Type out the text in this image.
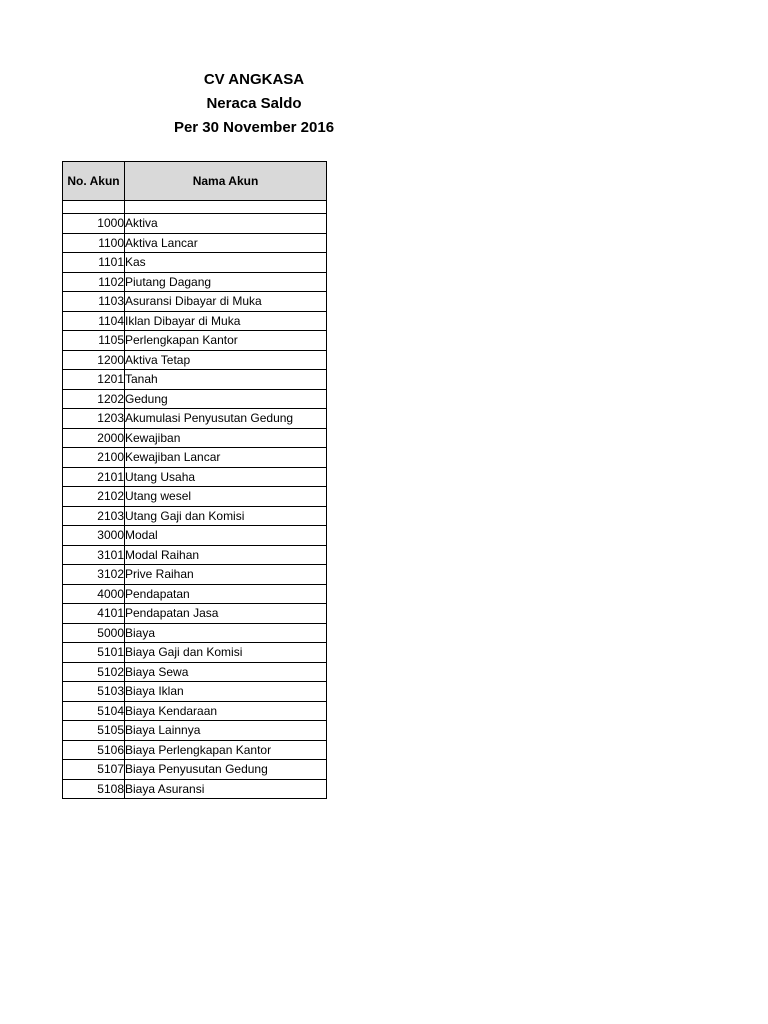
CV ANGKASA
Neraca Saldo
Per 30 November 2016
No. Akun	Nama Akun

1000	Aktiva
1100	Aktiva Lancar
1101	Kas
1102	Piutang Dagang
1103	Asuransi Dibayar di Muka
1104	Iklan Dibayar di Muka
1105	Perlengkapan Kantor
1200	Aktiva Tetap
1201	Tanah
1202	Gedung
1203	Akumulasi Penyusutan Gedung
2000	Kewajiban
2100	Kewajiban Lancar
2101	Utang Usaha
2102	Utang wesel
2103	Utang Gaji dan Komisi
3000	Modal
3101	Modal Raihan
3102	Prive Raihan
4000	Pendapatan
4101	Pendapatan Jasa
5000	Biaya
5101	Biaya Gaji dan Komisi
5102	Biaya Sewa
5103	Biaya Iklan
5104	Biaya Kendaraan
5105	Biaya Lainnya
5106	Biaya Perlengkapan Kantor
5107	Biaya Penyusutan Gedung
5108	Biaya Asuransi
